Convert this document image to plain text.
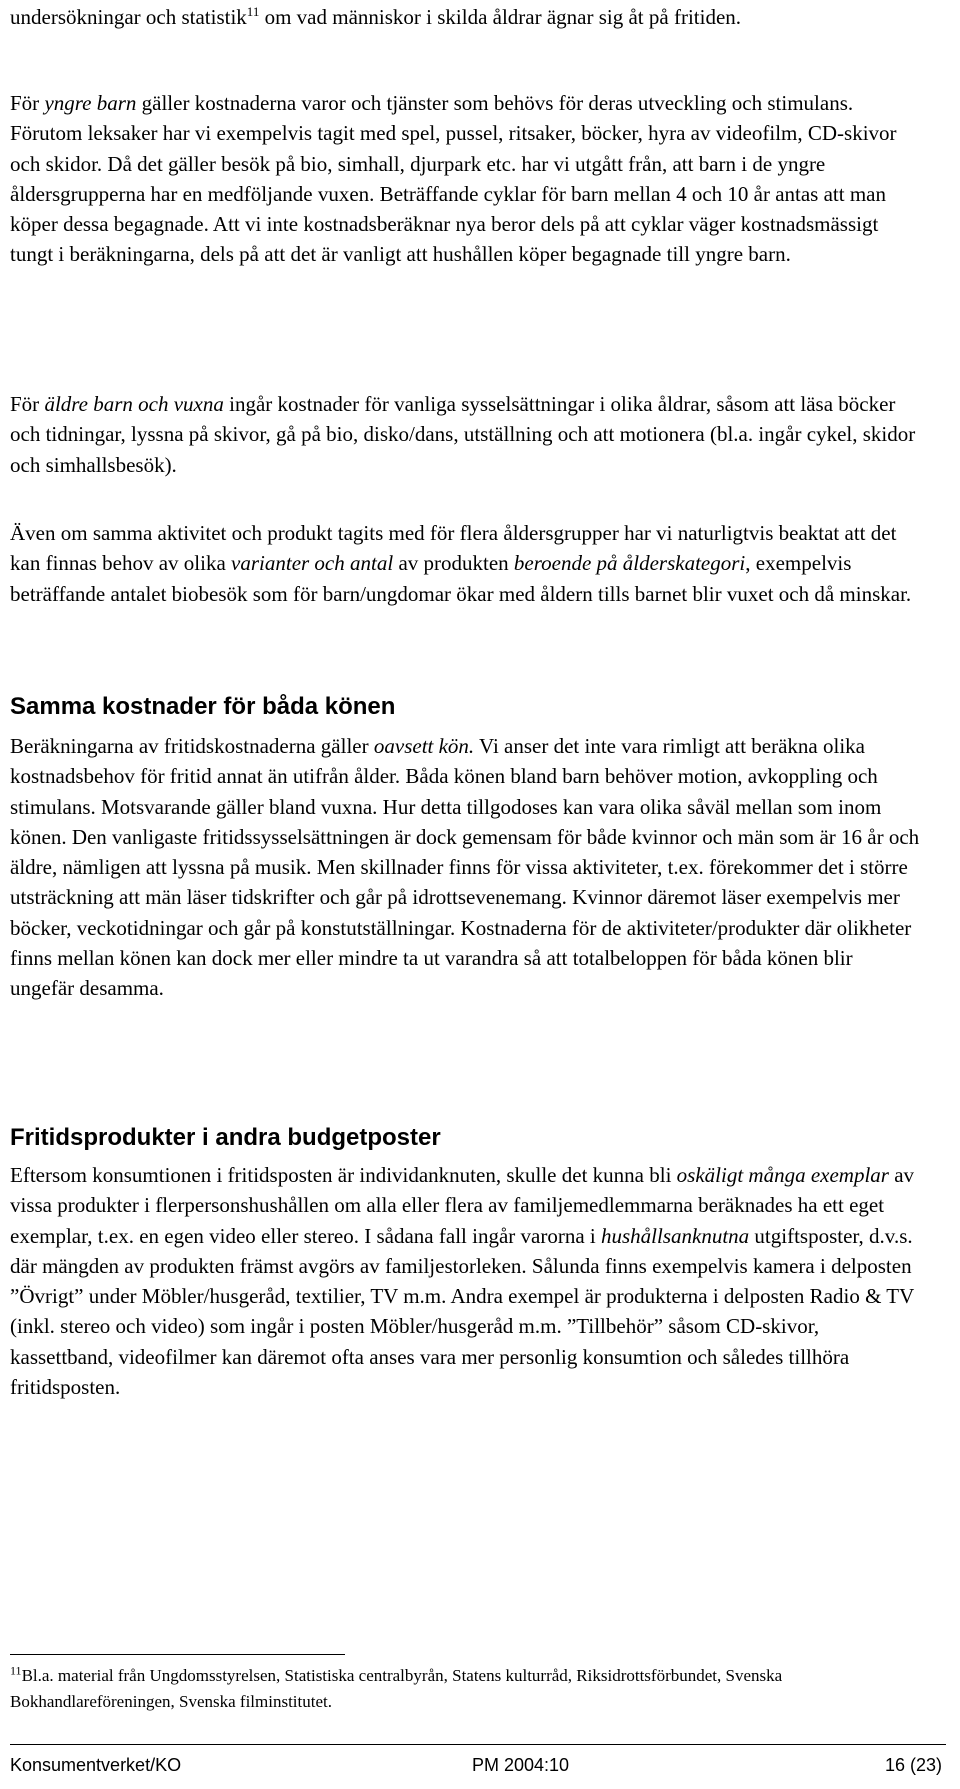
undersökningar och statistik$^{11}$ om vad människor i skilda åldrar ägnar sig åt på fritiden.

För yngre barn gäller kostnaderna varor och tjänster som behövs för deras utveckling och stimulans. Förutom leksaker har vi exempelvis tagit med spel, pussel, ritsaker, böcker, hyra av videofilm, CD-skivor och skidor. Då det gäller besök på bio, simhall, djurpark etc. har vi utgått från, att barn i de yngre åldersgrupperna har en medföljande vuxen. Beträffande cyklar för barn mellan 4 och 10 år antas att man köper dessa begagnade. Att vi inte kostnadsberäknar nya beror dels på att cyklar väger kostnadsmässigt tungt i beräkningarna, dels på att det är vanligt att hushållen köper begagnade till yngre barn.

För äldre barn och vuxna ingår kostnader för vanliga sysselsättningar i olika åldrar, såsom att läsa böcker och tidningar, lyssna på skivor, gå på bio, disko/dans, utställning och att motionera (bl.a. ingår cykel, skidor och simhallsbesök).

Även om samma aktivitet och produkt tagits med för flera åldersgrupper har vi naturligtvis beaktat att det kan finnas behov av olika varianter och antal av produkten beroende på ålderskategori, exempelvis beträffande antalet biobesök som för barn/ungdomar ökar med åldern tills barnet blir vuxet och då minskar.

Samma kostnader för båda könen

Beräkningarna av fritidskostnaderna gäller oavsett kön. Vi anser det inte vara rimligt att beräkna olika kostnadsbehov för fritid annat än utifrån ålder. Båda könen bland barn behöver motion, avkoppling och stimulans. Motsvarande gäller bland vuxna. Hur detta tillgodoses kan vara olika såväl mellan som inom könen. Den vanligaste fritidssysselsättningen är dock gemensam för både kvinnor och män som är 16 år och äldre, nämligen att lyssna på musik. Men skillnader finns för vissa aktiviteter, t.ex. förekommer det i större utsträckning att män läser tidskrifter och går på idrottsevenemang. Kvinnor däremot läser exempelvis mer böcker, veckotidningar och går på konstutställningar. Kostnaderna för de aktiviteter/produkter där olikheter finns mellan könen kan dock mer eller mindre ta ut varandra så att totalbeloppen för båda könen blir ungefär desamma.

Fritidsprodukter i andra budgetposter

Eftersom konsumtionen i fritidsposten är individanknuten, skulle det kunna bli oskäligt många exemplar av vissa produkter i flerpersonshushållen om alla eller flera av familjemedlemmarna beräknades ha ett eget exemplar, t.ex. en egen video eller stereo. I sådana fall ingår varorna i hushållsanknutna utgiftsposter, d.v.s. där mängden av produkten främst avgörs av familjestorleken. Sålunda finns exempelvis kamera i delposten ”Övrigt” under Möbler/husgeråd, textilier, TV m.m. Andra exempel är produkterna i delposten Radio & TV (inkl. stereo och video) som ingår i posten Möbler/husgeråd m.m. ”Tillbehör” såsom CD-skivor, kassettband, videofilmer kan däremot ofta anses vara mer personlig konsumtion och således tillhöra fritidsposten.

$^{11}$Bl.a. material från Ungdomsstyrelsen, Statistiska centralbyrån, Statens kulturråd, Riksidrottsförbundet, Svenska Bokhandlareföreningen, Svenska filminstitutet.

Konsumentverket/KO	PM 2004:10	16 (23)
